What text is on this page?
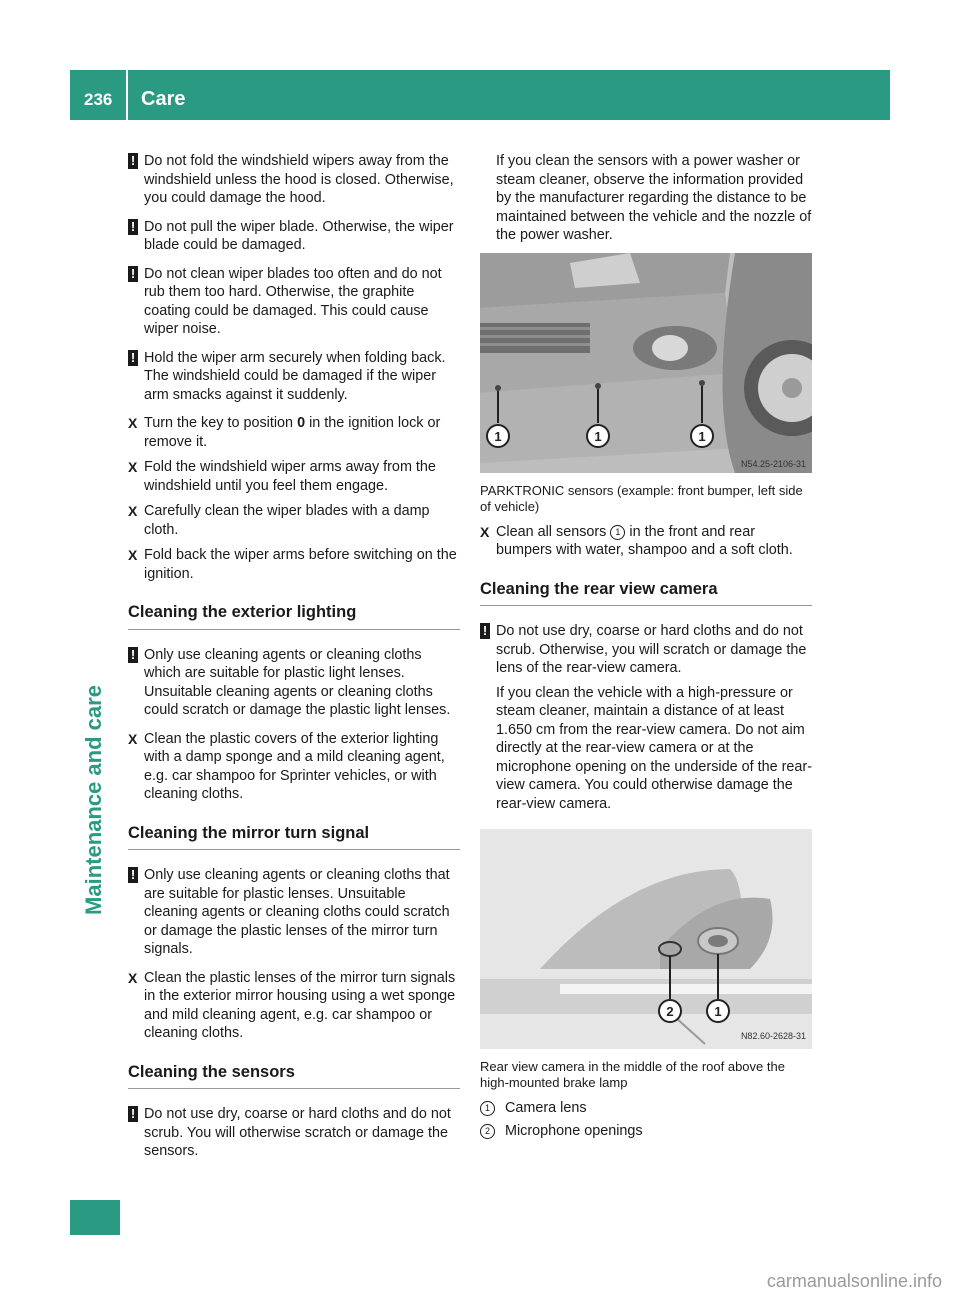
236 Care
Maintenance and care

! Do not fold the windshield wipers away from the windshield unless the hood is closed. Otherwise, you could damage the hood.

! Do not pull the wiper blade. Otherwise, the wiper blade could be damaged.

! Do not clean wiper blades too often and do not rub them too hard. Otherwise, the graphite coating could be damaged. This could cause wiper noise.

! Hold the wiper arm securely when folding back. The windshield could be damaged if the wiper arm smacks against it suddenly.

X Turn the key to position 0 in the ignition lock or remove it.
X Fold the windshield wiper arms away from the windshield until you feel them engage.
X Carefully clean the wiper blades with a damp cloth.
X Fold back the wiper arms before switching on the ignition.
Cleaning the exterior lighting

! Only use cleaning agents or cleaning cloths which are suitable for plastic light lenses. Unsuitable cleaning agents or cleaning cloths could scratch or damage the plastic light lenses.

X Clean the plastic covers of the exterior lighting with a damp sponge and a mild cleaning agent, e.g. car shampoo for Sprinter vehicles, or with cleaning cloths.
Cleaning the mirror turn signal

! Only use cleaning agents or cleaning cloths that are suitable for plastic lenses. Unsuitable cleaning agents or cleaning cloths could scratch or damage the plastic lenses of the mirror turn signals.

X Clean the plastic lenses of the mirror turn signals in the exterior mirror housing using a wet sponge and mild cleaning agent, e.g. car shampoo or cleaning cloths.
Cleaning the sensors

! Do not use dry, coarse or hard cloths and do not scrub. You will otherwise scratch or damage the sensors.

If you clean the sensors with a power washer or steam cleaner, observe the information provided by the manufacturer regarding the distance to be maintained between the vehicle and the nozzle of the power washer.

1	1	1
N54.25-2106-31

PARKTRONIC sensors (example: front bumper, left side of vehicle)

X Clean all sensors 1 in the front and rear bumpers with water, shampoo and a soft cloth.
Cleaning the rear view camera

! Do not use dry, coarse or hard cloths and do not scrub. Otherwise, you will scratch or damage the lens of the rear-view camera.

If you clean the vehicle with a high-pressure or steam cleaner, maintain a distance of at least 1.650 cm from the rear-view camera. Do not aim directly at the rear-view camera or at the microphone opening on the underside of the rear-view camera. You could otherwise damage the rear-view camera.

2	1
N82.60-2628-31

Rear view camera in the middle of the roof above the high-mounted brake lamp

1 Camera lens
2 Microphone openings
carmanualsonline.info
